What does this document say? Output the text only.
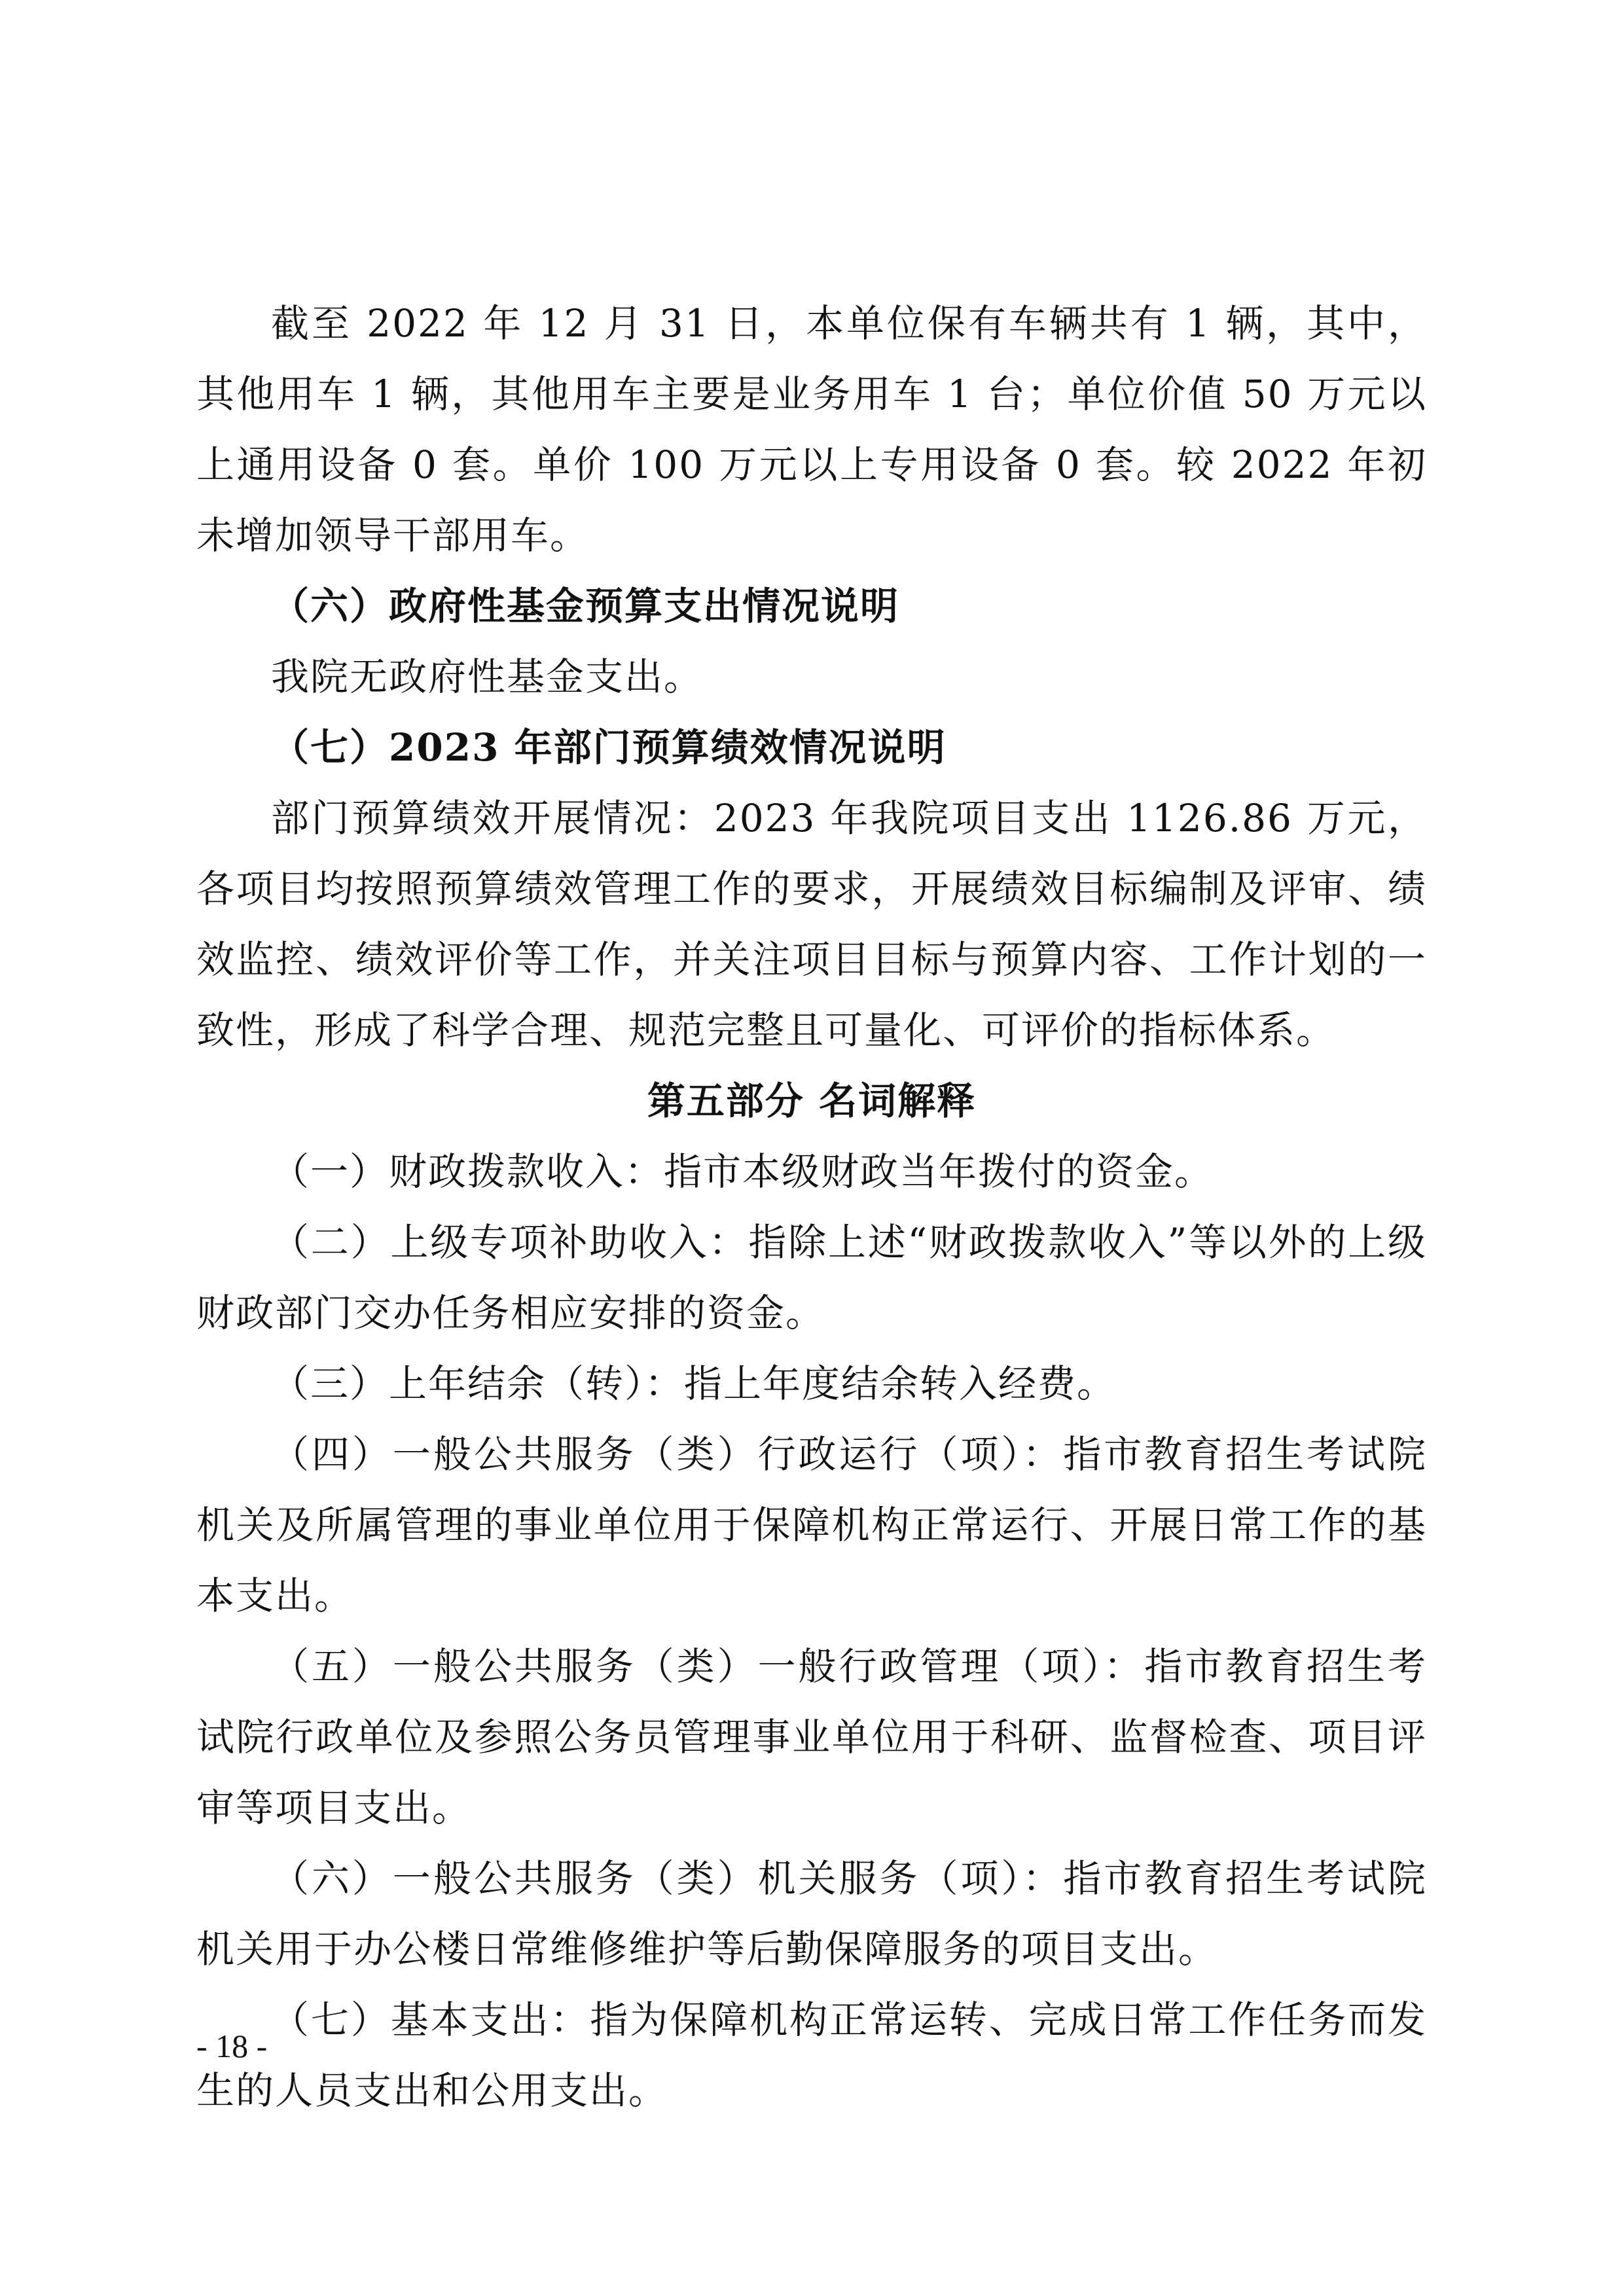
截至 2022 年 12 月 31 日，本单位保有车辆共有 1 辆，其中，其他用车 1 辆，其他用车主要是业务用车 1 台；单位价值 50 万元以上通用设备 0 套。单价 100 万元以上专用设备 0 套。较 2022 年初未增加领导干部用车。

（六）政府性基金预算支出情况说明

我院无政府性基金支出。

（七）2023 年部门预算绩效情况说明

部门预算绩效开展情况：2023 年我院项目支出 1126.86 万元，各项目均按照预算绩效管理工作的要求，开展绩效目标编制及评审、绩效监控、绩效评价等工作，并关注项目目标与预算内容、工作计划的一致性，形成了科学合理、规范完整且可量化、可评价的指标体系。

第五部分 名词解释

（一）财政拨款收入：指市本级财政当年拨付的资金。

（二）上级专项补助收入：指除上述“财政拨款收入”等以外的上级财政部门交办任务相应安排的资金。

（三）上年结余（转）：指上年度结余转入经费。

（四）一般公共服务（类）行政运行（项）：指市教育招生考试院机关及所属管理的事业单位用于保障机构正常运行、开展日常工作的基本支出。

（五）一般公共服务（类）一般行政管理（项）：指市教育招生考试院行政单位及参照公务员管理事业单位用于科研、监督检查、项目评审等项目支出。

（六）一般公共服务（类）机关服务（项）：指市教育招生考试院机关用于办公楼日常维修维护等后勤保障服务的项目支出。

（七）基本支出：指为保障机构正常运转、完成日常工作任务而发生的人员支出和公用支出。

- 18 -
